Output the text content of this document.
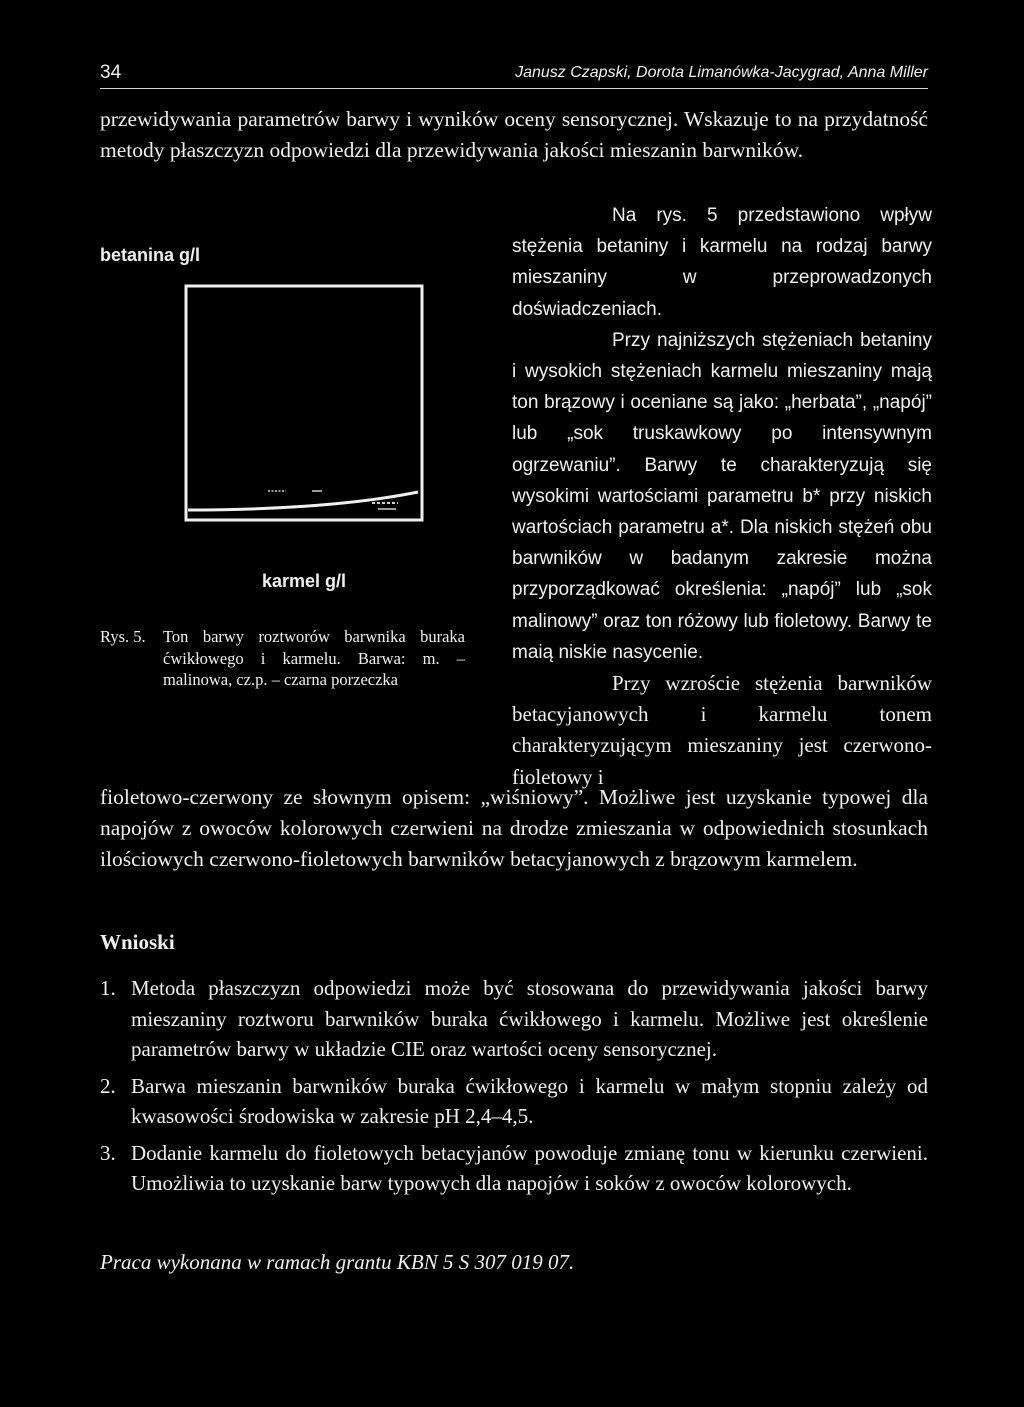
34	Janusz Czapski, Dorota Limanówka-Jacygrad, Anna Miller

przewidywania parametrów barwy i wyników oceny sensorycznej. Wskazuje to na przydatność metody płaszczyzn odpowiedzi dla przewidywania jakości mieszanin barwników.

betanina g/l
karmel g/l
Rys. 5.	Ton barwy roztworów barwnika buraka ćwikłowego i karmelu. Barwa: m. – malinowa, cz.p. – czarna porzeczka

Na rys. 5 przedstawiono wpływ stężenia betaniny i karmelu na rodzaj barwy mieszaniny w przeprowadzonych doświadczeniach.

Przy najniższych stężeniach betaniny i wysokich stężeniach karmelu mieszaniny mają ton brązowy i oceniane są jako: „herbata”, „napój” lub „sok truskawkowy po intensywnym ogrzewaniu”. Barwy te charakteryzują się wysokimi wartościami parametru b* przy niskich wartościach parametru a*. Dla niskich stężeń obu barwników w badanym zakresie można przyporządkować określenia: „napój” lub „sok malinowy” oraz ton różowy lub fioletowy. Barwy te maią niskie nasycenie.

Przy wzroście stężenia barwników betacyjanowych i karmelu tonem charakteryzującym mieszaniny jest czerwono-fioletowy i

fioletowo-czerwony ze słownym opisem: „wiśniowy”. Możliwe jest uzyskanie typowej dla napojów z owoców kolorowych czerwieni na drodze zmieszania w odpowiednich stosunkach ilościowych czerwono-fioletowych barwników betacyjanowych z brązowym karmelem.

Wnioski
1. Metoda płaszczyzn odpowiedzi może być stosowana do przewidywania jakości barwy mieszaniny roztworu barwników buraka ćwikłowego i karmelu. Możliwe jest określenie parametrów barwy w układzie CIE oraz wartości oceny sensorycznej.
2. Barwa mieszanin barwników buraka ćwikłowego i karmelu w małym stopniu zależy od kwasowości środowiska w zakresie pH 2,4–4,5.
3. Dodanie karmelu do fioletowych betacyjanów powoduje zmianę tonu w kierunku czerwieni. Umożliwia to uzyskanie barw typowych dla napojów i soków z owoców kolorowych.
Praca wykonana w ramach grantu KBN 5 S 307 019 07.
